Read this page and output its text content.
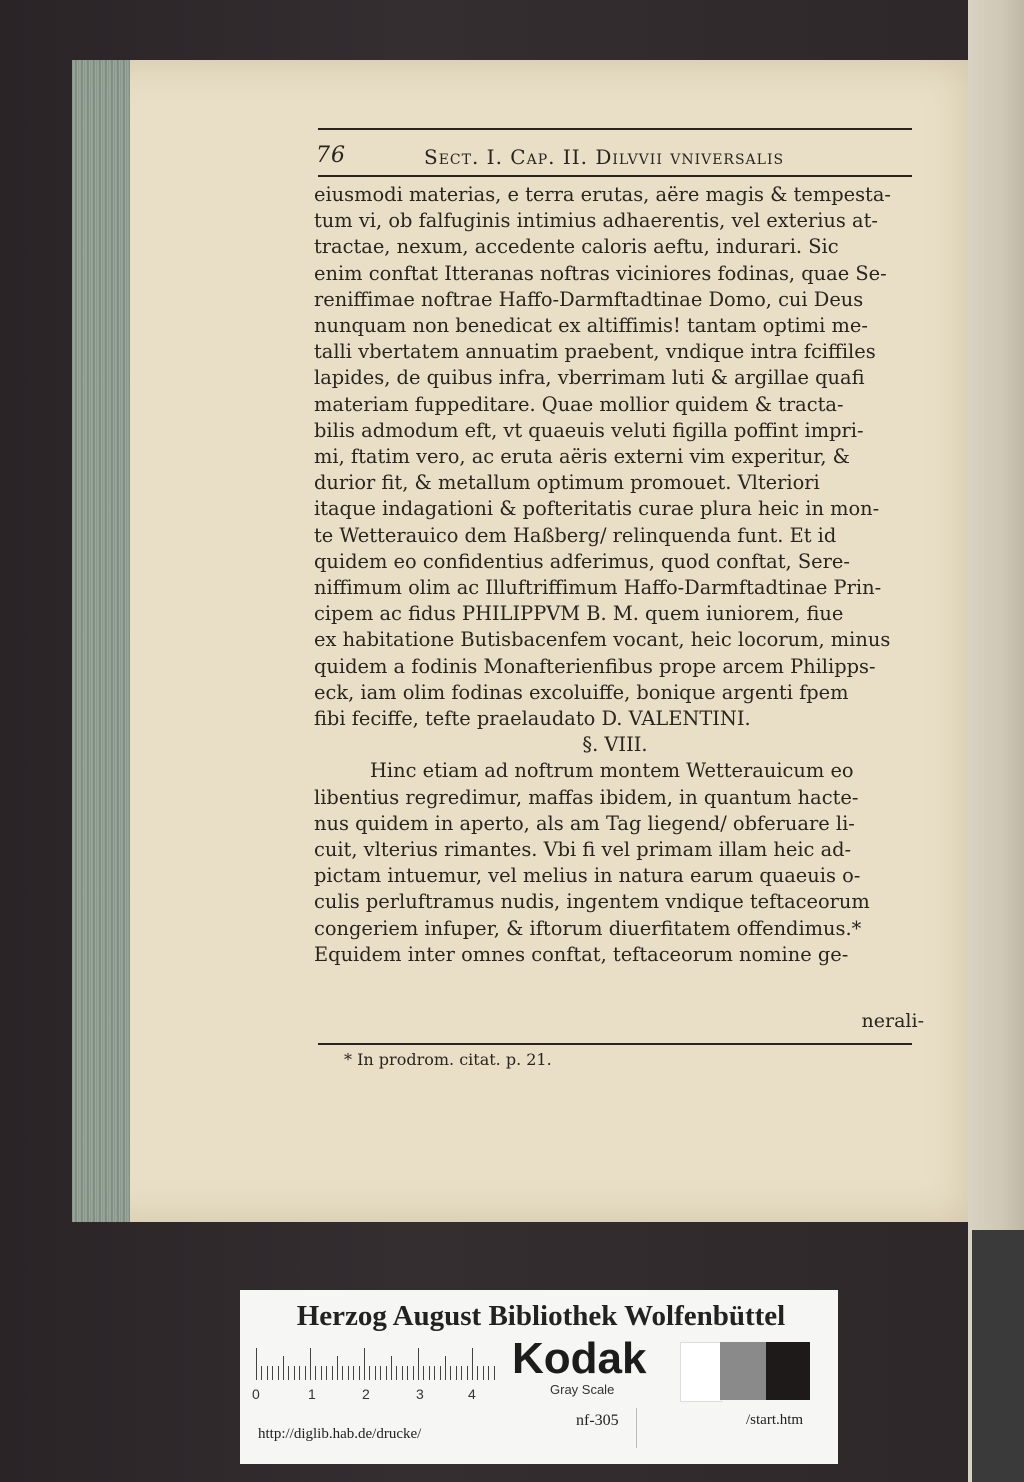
76	Sect. I. Cap. II. Dilvvii vniversalis

eiusmodi materias, e terra erutas, aëre magis & tempesta-

tum vi, ob falfuginis intimius adhaerentis, vel exterius at-

tractae, nexum, accedente caloris aeftu, indurari. Sic

enim conftat Itteranas noftras viciniores fodinas, quae Se-

reniffimae noftrae Haffo-Darmftadtinae Domo, cui Deus

nunquam non benedicat ex altiffimis! tantam optimi me-

talli vbertatem annuatim praebent, vndique intra fciffiles

lapides, de quibus infra, vberrimam luti & argillae quafi

materiam fuppeditare. Quae mollior quidem & tracta-

bilis admodum eft, vt quaeuis veluti figilla poffint impri-

mi, ftatim vero, ac eruta aëris externi vim experitur, &

durior fit, & metallum optimum promouet. Vlteriori

itaque indagationi & pofteritatis curae plura heic in mon-

te Wetterauico dem Haßberg/ relinquenda funt. Et id

quidem eo confidentius adferimus, quod conftat, Sere-

niffimum olim ac Illuftriffimum Haffo-Darmftadtinae Prin-

cipem ac fidus PHILIPPVM B. M. quem iuniorem, fiue

ex habitatione Butisbacenfem vocant, heic locorum, minus

quidem a fodinis Monafterienfibus prope arcem Philipps-

eck, iam olim fodinas excoluiffe, bonique argenti fpem

fibi feciffe, tefte praelaudato D. VALENTINI.

§. VIII.

Hinc etiam ad noftrum montem Wetterauicum eo

libentius regredimur, maffas ibidem, in quantum hacte-

nus quidem in aperto, als am Tag liegend/ obferuare li-

cuit, vlterius rimantes. Vbi fi vel primam illam heic ad-

pictam intuemur, vel melius in natura earum quaeuis o-

culis perluftramus nudis, ingentem vndique teftaceorum

congeriem infuper, & iftorum diuerfitatem offendimus.*

Equidem inter omnes conftat, teftaceorum nomine ge-

nerali-
* In prodrom. citat. p. 21.
Herzog August Bibliothek Wolfenbüttel
0	1	2	3	4
Kodak
Gray Scale
http://diglib.hab.de/drucke/
nf-305	/start.htm
